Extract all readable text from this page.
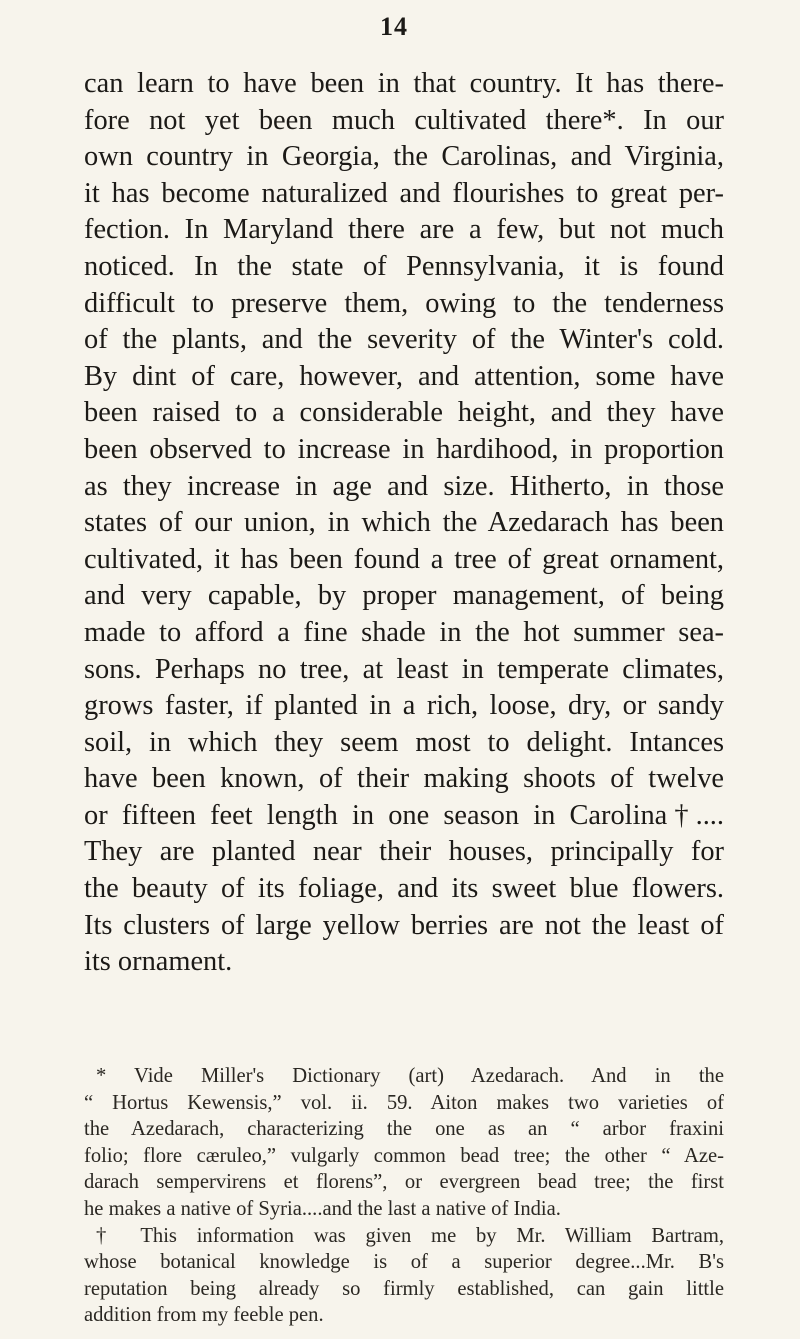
14
can learn to have been in that country. It has there-
fore not yet been much cultivated there*. In our
own country in Georgia, the Carolinas, and Virginia,
it has become naturalized and flourishes to great per-
fection. In Maryland there are a few, but not much
noticed. In the state of Pennsylvania, it is found
difficult to preserve them, owing to the tenderness
of the plants, and the severity of the Winter's cold.
By dint of care, however, and attention, some have
been raised to a considerable height, and they have
been observed to increase in hardihood, in proportion
as they increase in age and size. Hitherto, in those
states of our union, in which the Azedarach has been
cultivated, it has been found a tree of great ornament,
and very capable, by proper management, of being
made to afford a fine shade in the hot summer sea-
sons. Perhaps no tree, at least in temperate climates,
grows faster, if planted in a rich, loose, dry, or sandy
soil, in which they seem most to delight. Intances
have been known, of their making shoots of twelve
or fifteen feet length in one season in Carolina†....
They are planted near their houses, principally for
the beauty of its foliage, and its sweet blue flowers.
Its clusters of large yellow berries are not the least of
its ornament.
* Vide Miller's Dictionary (art) Azedarach. And in the
“ Hortus Kewensis,” vol. ii. 59. Aiton makes two varieties of
the Azedarach, characterizing the one as an “ arbor fraxini
folio; flore cæruleo,” vulgarly common bead tree; the other “ Aze-
darach sempervirens et florens”, or evergreen bead tree; the first
he makes a native of Syria....and the last a native of India.
† This information was given me by Mr. William Bartram,
whose botanical knowledge is of a superior degree...Mr. B's
reputation being already so firmly established, can gain little
addition from my feeble pen.
